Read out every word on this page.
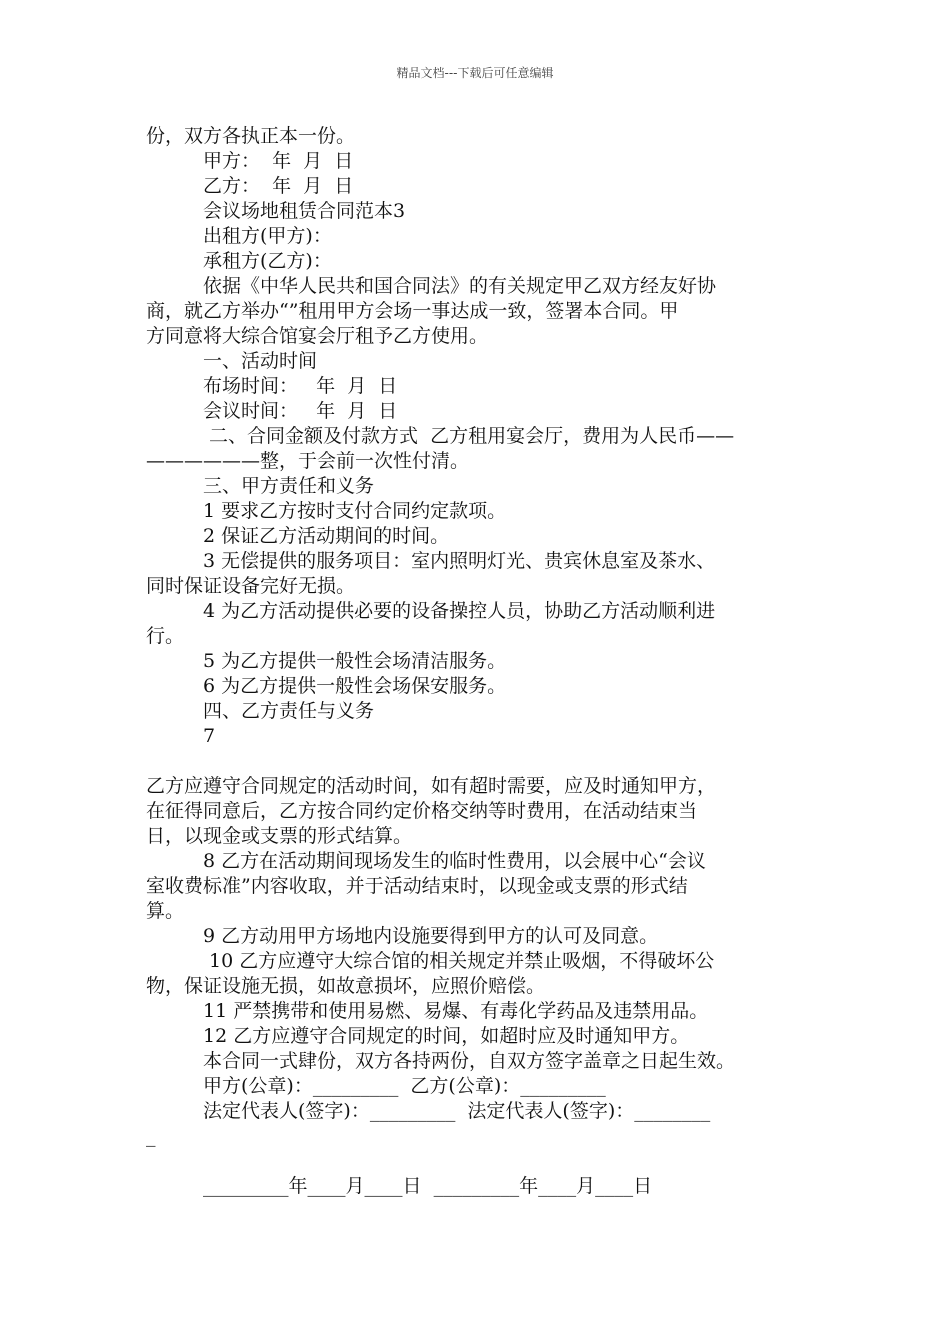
精品文档---下载后可任意编辑

份，双方各执正本一份。

甲方：  年  月  日

乙方：  年  月  日

会议场地租赁合同范本3

出租方(甲方)：

承租方(乙方)：

依据《中华人民共和国合同法》的有关规定甲乙双方经友好协

商，就乙方举办“”租用甲方会场一事达成一致，签署本合同。甲

方同意将大综合馆宴会厅租予乙方使用。

一、活动时间

布场时间：   年  月  日

会议时间：   年  月  日

二、合同金额及付款方式  乙方租用宴会厅，费用为人民币——

——————整，于会前一次性付清。

三、甲方责任和义务

1 要求乙方按时支付合同约定款项。

2 保证乙方活动期间的时间。

3 无偿提供的服务项目：室内照明灯光、贵宾休息室及茶水、

同时保证设备完好无损。

4 为乙方活动提供必要的设备操控人员，协助乙方活动顺利进

行。

5 为乙方提供一般性会场清洁服务。

6 为乙方提供一般性会场保安服务。

四、乙方责任与义务

7

乙方应遵守合同规定的活动时间，如有超时需要，应及时通知甲方，

在征得同意后，乙方按合同约定价格交纳等时费用，在活动结束当

日，以现金或支票的形式结算。

8 乙方在活动期间现场发生的临时性费用，以会展中心“会议

室收费标准”内容收取，并于活动结束时，以现金或支票的形式结

算。

9 乙方动用甲方场地内设施要得到甲方的认可及同意。

10 乙方应遵守大综合馆的相关规定并禁止吸烟，不得破坏公

物，保证设施无损，如故意损坏，应照价赔偿。

11 严禁携带和使用易燃、易爆、有毒化学药品及违禁用品。

12 乙方应遵守合同规定的时间，如超时应及时通知甲方。

本合同一式肆份，双方各持两份，自双方签字盖章之日起生效。

甲方(公章)：_________  乙方(公章)：_________

法定代表人(签字)：_________  法定代表人(签字)：________

_

_________年____月____日  _________年____月____日
